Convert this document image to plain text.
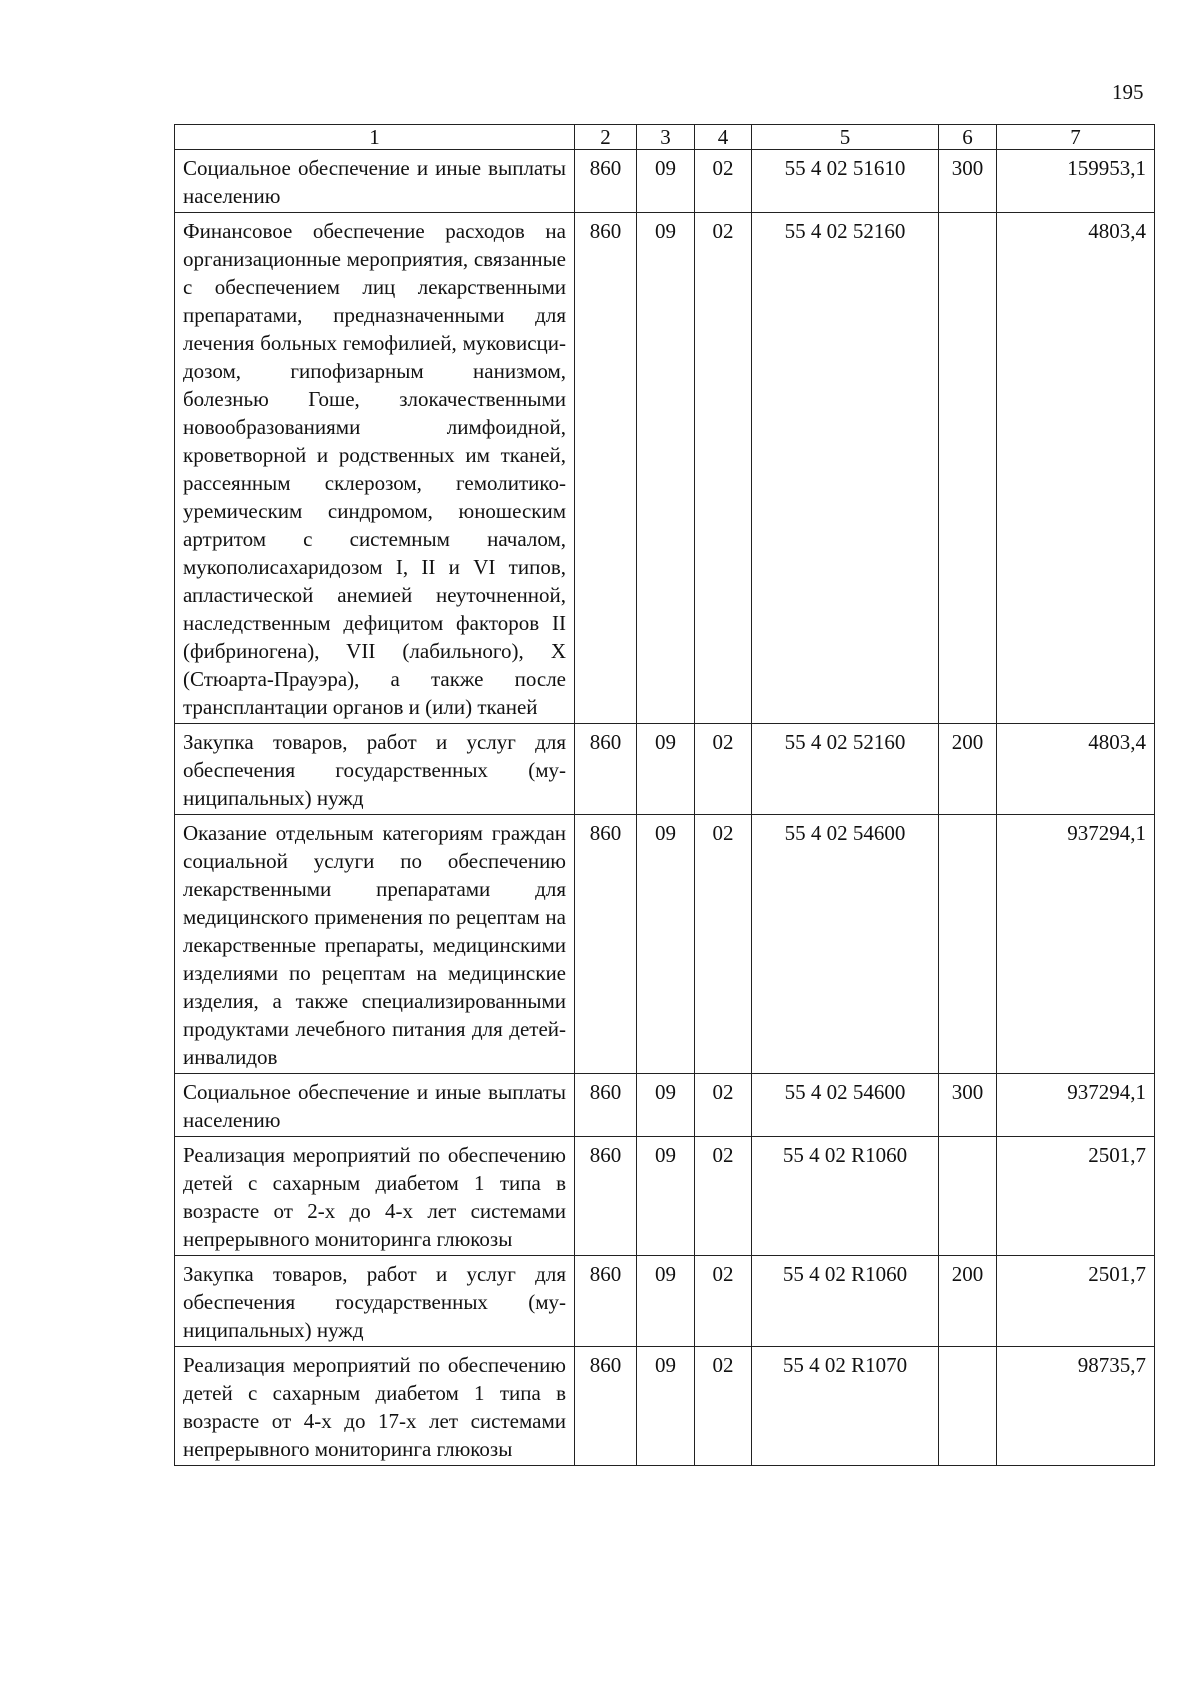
195
1	2	3	4	5	6	7
Социальное обеспечение и иные выплаты населению	860	09	02	55 4 02 51610	300	159953,1
Финансовое обеспечение расходов на организационные мероприятия, связанные с обеспечением лиц лекарственными препаратами, предназначенными для лечения больных гемофилией, муковисцидозом, гипофизарным нанизмом, болезнью Гоше, злокачественными новообразованиями лимфоидной, кроветворной и родственных им тканей, рассеянным склерозом, гемолитико-уремическим синдромом, юношеским артритом с системным началом, мукополисахаридозом I, II и VI типов, апластической анемией неуточненной, наследственным дефицитом факторов II (фибриногена), VII (лабильного), X (Стюарта-Прауэра), а также после трансплантации органов и (или) тканей	860	09	02	55 4 02 52160		4803,4
Закупка товаров, работ и услуг для обеспечения государственных (муниципальных) нужд	860	09	02	55 4 02 52160	200	4803,4
Оказание отдельным категориям граждан социальной услуги по обеспечению лекарственными препаратами для медицинского применения по рецептам на лекарственные препараты, медицинскими изделиями по рецептам на медицинские изделия, а также специализированными продуктами лечебного питания для детей-инвалидов	860	09	02	55 4 02 54600		937294,1
Социальное обеспечение и иные выплаты населению	860	09	02	55 4 02 54600	300	937294,1
Реализация мероприятий по обеспечению детей с сахарным диабетом 1 типа в возрасте от 2-х до 4-х лет системами непрерывного мониторинга глюкозы	860	09	02	55 4 02 R1060		2501,7
Закупка товаров, работ и услуг для обеспечения государственных (муниципальных) нужд	860	09	02	55 4 02 R1060	200	2501,7
Реализация мероприятий по обеспечению детей с сахарным диабетом 1 типа в возрасте от 4-х до 17-х лет системами непрерывного мониторинга глюкозы	860	09	02	55 4 02 R1070		98735,7
